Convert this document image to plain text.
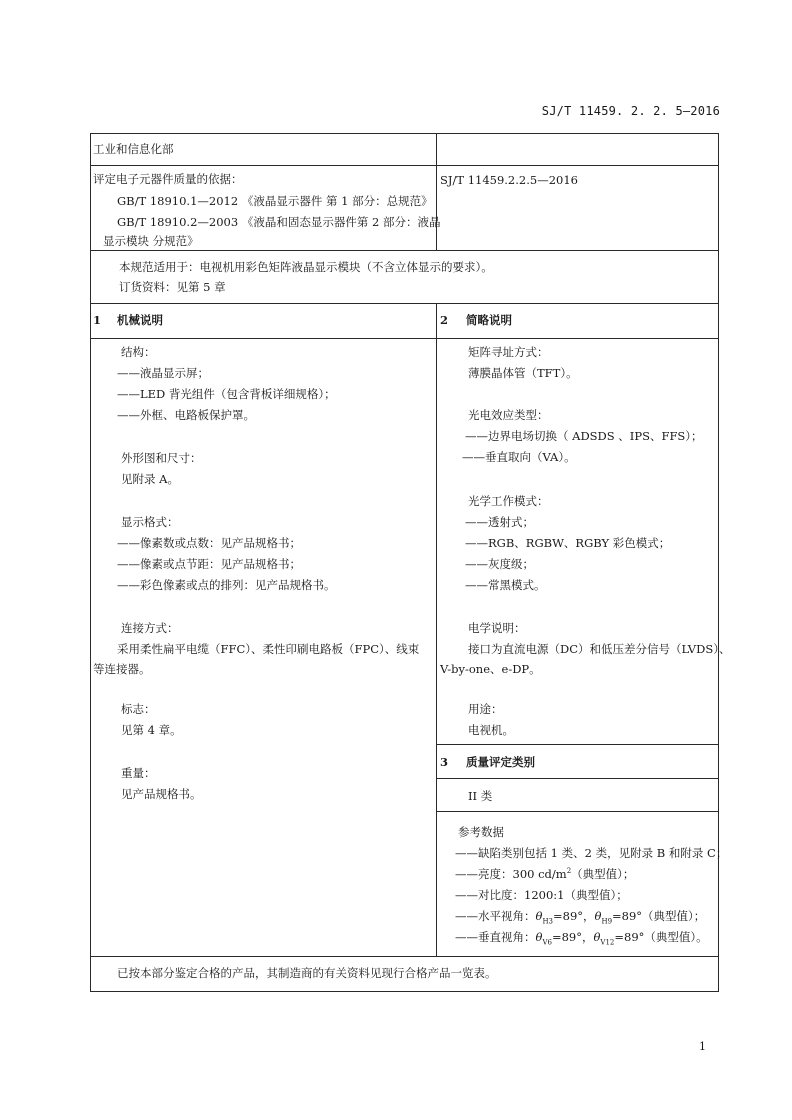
SJ/T 11459. 2. 2. 5—2016
工业和信息化部
评定电子元器件质量的依据：
GB/T 18910.1—2012 《液晶显示器件 第 1 部分：总规范》
GB/T 18910.2—2003 《液晶和固态显示器件第 2 部分：液晶
显示模块 分规范》
SJ/T 11459.2.2.5—2016
本规范适用于：电视机用彩色矩阵液晶显示模块（不含立体显示的要求）。
订货资料：见第 5 章
1 机械说明	2 简略说明
结构：
——液晶显示屏；
——LED 背光组件（包含背板详细规格）；
——外框、电路板保护罩。
外形图和尺寸：
见附录 A。
显示格式：
——像素数或点数：见产品规格书；
——像素或点节距：见产品规格书；
——彩色像素或点的排列：见产品规格书。
连接方式：
采用柔性扁平电缆（FFC）、柔性印刷电路板（FPC）、线束
等连接器。
标志：
见第 4 章。
重量：
见产品规格书。
矩阵寻址方式：
薄膜晶体管（TFT）。
光电效应类型：
——边界电场切换（ ADSDS 、IPS、FFS）；
——垂直取向（VA）。
光学工作模式：
——透射式；
——RGB、RGBW、RGBY 彩色模式；
——灰度级；
——常黑模式。
电学说明：
接口为直流电源（DC）和低压差分信号（LVDS）、
V-by-one、e-DP。
用途：
电视机。
3 质量评定类别
II 类
参考数据
——缺陷类别包括 1 类、2 类，见附录 B 和附录 C；
——亮度：300 $cd/m^2$（典型值）；
——对比度：1200:1（典型值）；
——水平视角：$\theta_{H3}=89^\circ$，$\theta_{H9}=89^\circ$（典型值）；
——垂直视角：$\theta_{V6}=89^\circ$，$\theta_{V12}=89^\circ$（典型值）。
已按本部分鉴定合格的产品，其制造商的有关资料见现行合格产品一览表。
1
